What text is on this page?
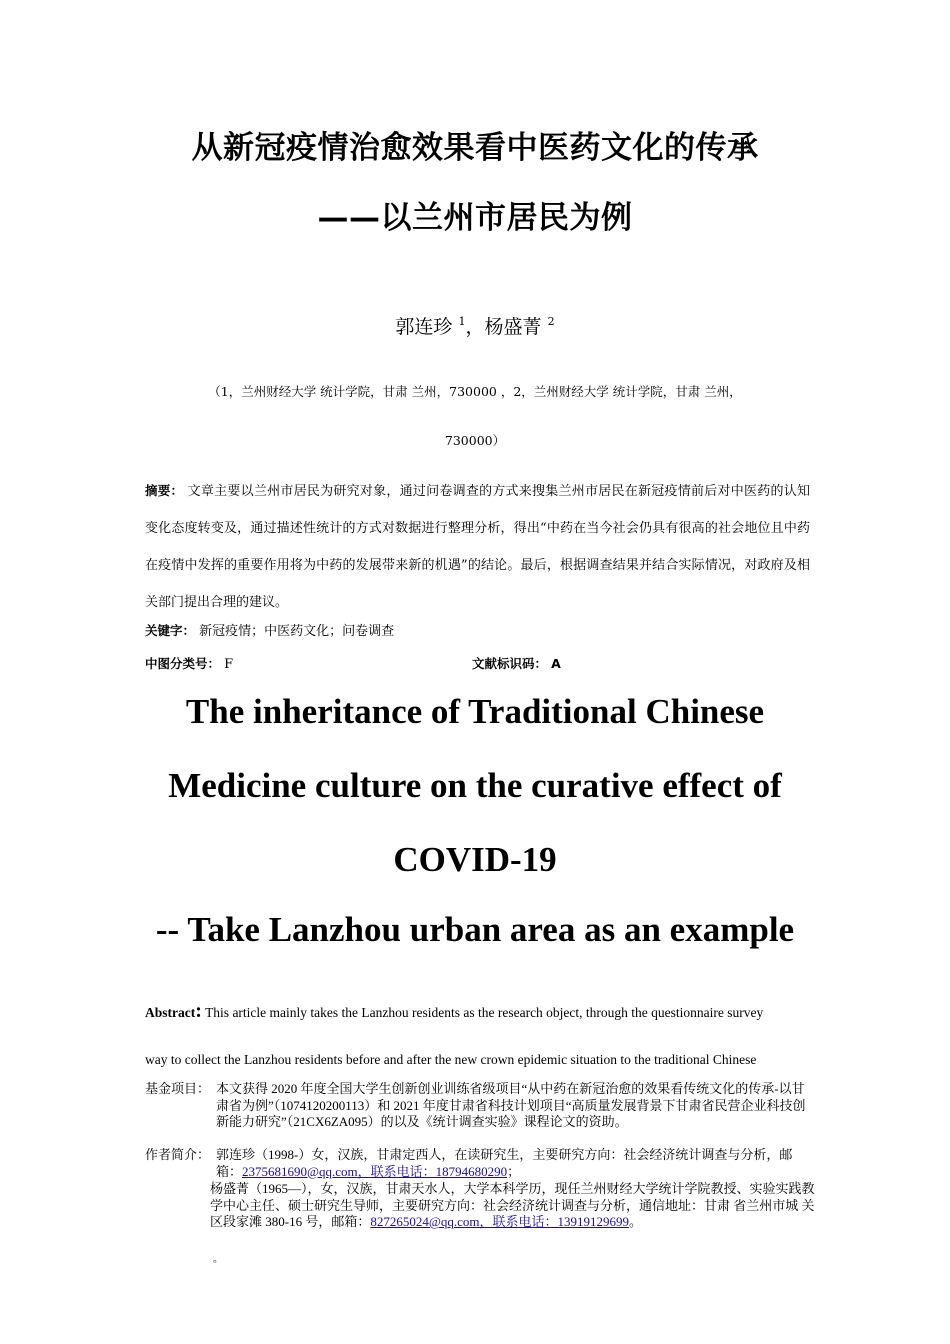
从新冠疫情治愈效果看中医药文化的传承
——以兰州市居民为例
郭连珍 $^1$，杨盛菁 $^2$
（1，兰州财经大学 统计学院，甘肃 兰州，730000 ，2，兰州财经大学 统计学院，甘肃 兰州，
730000）
摘要： 文章主要以兰州市居民为研究对象，通过问卷调查的方式来搜集兰州市居民在新冠疫情前后对中医药的认知变化态度转变及，通过描述性统计的方式对数据进行整理分析，得出“中药在当今社会仍具有很高的社会地位且中药在疫情中发挥的重要作用将为中药的发展带来新的机遇”的结论。最后，根据调查结果并结合实际情况，对政府及相关部门提出合理的建议。
关键字： 新冠疫情；中医药文化；问卷调查
中图分类号： F	文献标识码： A
The inheritance of Traditional Chinese
Medicine culture on the curative effect of
COVID-19
-- Take Lanzhou urban area as an example
Abstract: This article mainly takes the Lanzhou residents as the research object, through the questionnaire survey
way to collect the Lanzhou residents before and after the new crown epidemic situation to the traditional Chinese
基金项目： 本文获得 2020 年度全国大学生创新创业训练省级项目“从中药在新冠治愈的效果看传统文化的传承-以甘肃省为例”（1074120200113）和 2021 年度甘肃省科技计划项目“高质量发展背景下甘肃省民营企业科技创新能力研究”（21CX6ZA095）的以及《统计调查实验》课程论文的资助。
作者简介： 郭连珍（1998-）女，汉族，甘肃定西人，在读研究生，主要研究方向：社会经济统计调查与分析，邮箱：2375681690@qq.com，联系电话：18794680290；
杨盛菁（1965—），女，汉族，甘肃天水人，大学本科学历，现任兰州财经大学统计学院教授、实验实践教学中心主任、硕士研究生导师，主要研究方向：社会经济统计调查与分析，通信地址：甘肃 省兰州市城 关区段家滩 380-16 号，邮箱：827265024@qq.com，联系电话：13919129699。
。
